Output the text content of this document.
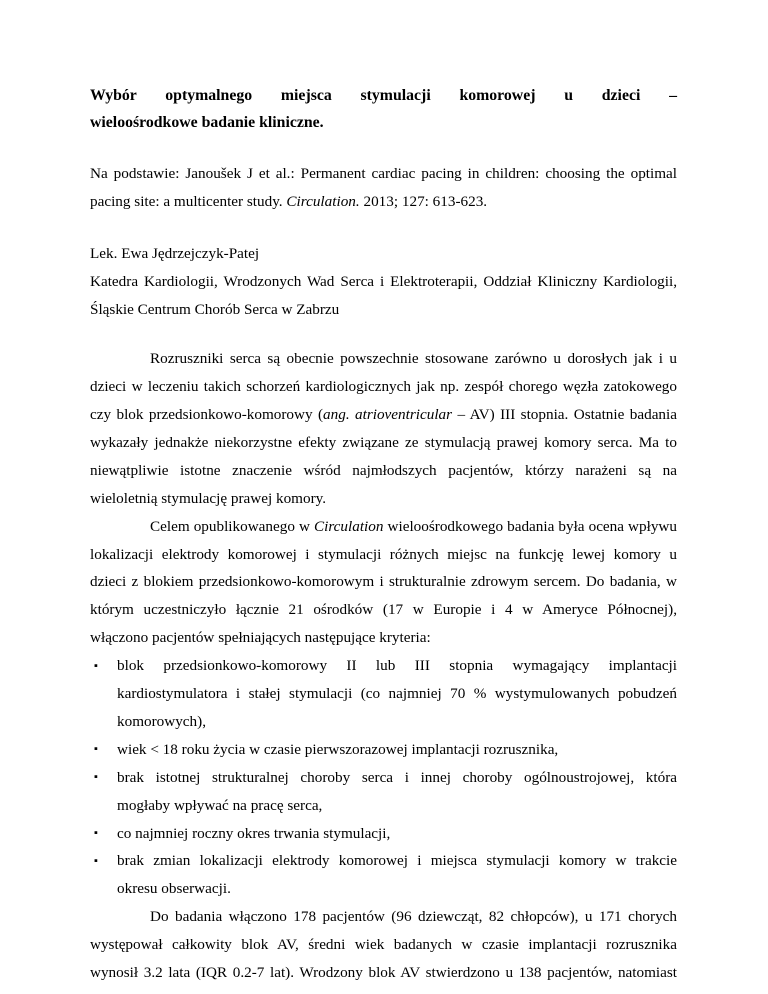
Wybór optymalnego miejsca stymulacji komorowej u dzieci –
wieloośrodkowe badanie kliniczne.
Na podstawie: Janoušek J et al.: Permanent cardiac pacing in children: choosing the optimal
pacing site: a multicenter study. Circulation. 2013; 127: 613-623.
Lek. Ewa Jędrzejczyk-Patej
Katedra Kardiologii, Wrodzonych Wad Serca i Elektroterapii, Oddział Kliniczny Kardiologii,
Śląskie Centrum Chorób Serca w Zabrzu
Rozruszniki serca są obecnie powszechnie stosowane zarówno u dorosłych jak i u
dzieci w leczeniu takich schorzeń kardiologicznych jak np. zespół chorego węzła zatokowego
czy blok przedsionkowo-komorowy (ang. atrioventricular – AV) III stopnia. Ostatnie badania
wykazały jednakże niekorzystne efekty związane ze stymulacją prawej komory serca. Ma to
niewątpliwie istotne znaczenie wśród najmłodszych pacjentów, którzy narażeni są na
wieloletnią stymulację prawej komory.
Celem opublikowanego w Circulation wieloośrodkowego badania była ocena wpływu
lokalizacji elektrody komorowej i stymulacji różnych miejsc na funkcję lewej komory u
dzieci z blokiem przedsionkowo-komorowym i strukturalnie zdrowym sercem. Do badania, w
którym uczestniczyło łącznie 21 ośrodków (17 w Europie i 4 w Ameryce Północnej),
włączono pacjentów spełniających następujące kryteria:
▪ blok przedsionkowo-komorowy II lub III stopnia wymagający implantacji
kardiostymulatora i stałej stymulacji (co najmniej 70 % wystymulowanych pobudzeń
komorowych),
▪ wiek < 18 roku życia w czasie pierwszorazowej implantacji rozrusznika,
▪ brak istotnej strukturalnej choroby serca i innej choroby ogólnoustrojowej, która
mogłaby wpływać na pracę serca,
▪ co najmniej roczny okres trwania stymulacji,
▪ brak zmian lokalizacji elektrody komorowej i miejsca stymulacji komory w trakcie
okresu obserwacji.
Do badania włączono 178 pacjentów (96 dziewcząt, 82 chłopców), u 171 chorych
występował całkowity blok AV, średni wiek badanych w czasie implantacji rozrusznika
wynosił 3.2 lata (IQR 0.2-7 lat). Wrodzony blok AV stwierdzono u 138 pacjentów, natomiast
